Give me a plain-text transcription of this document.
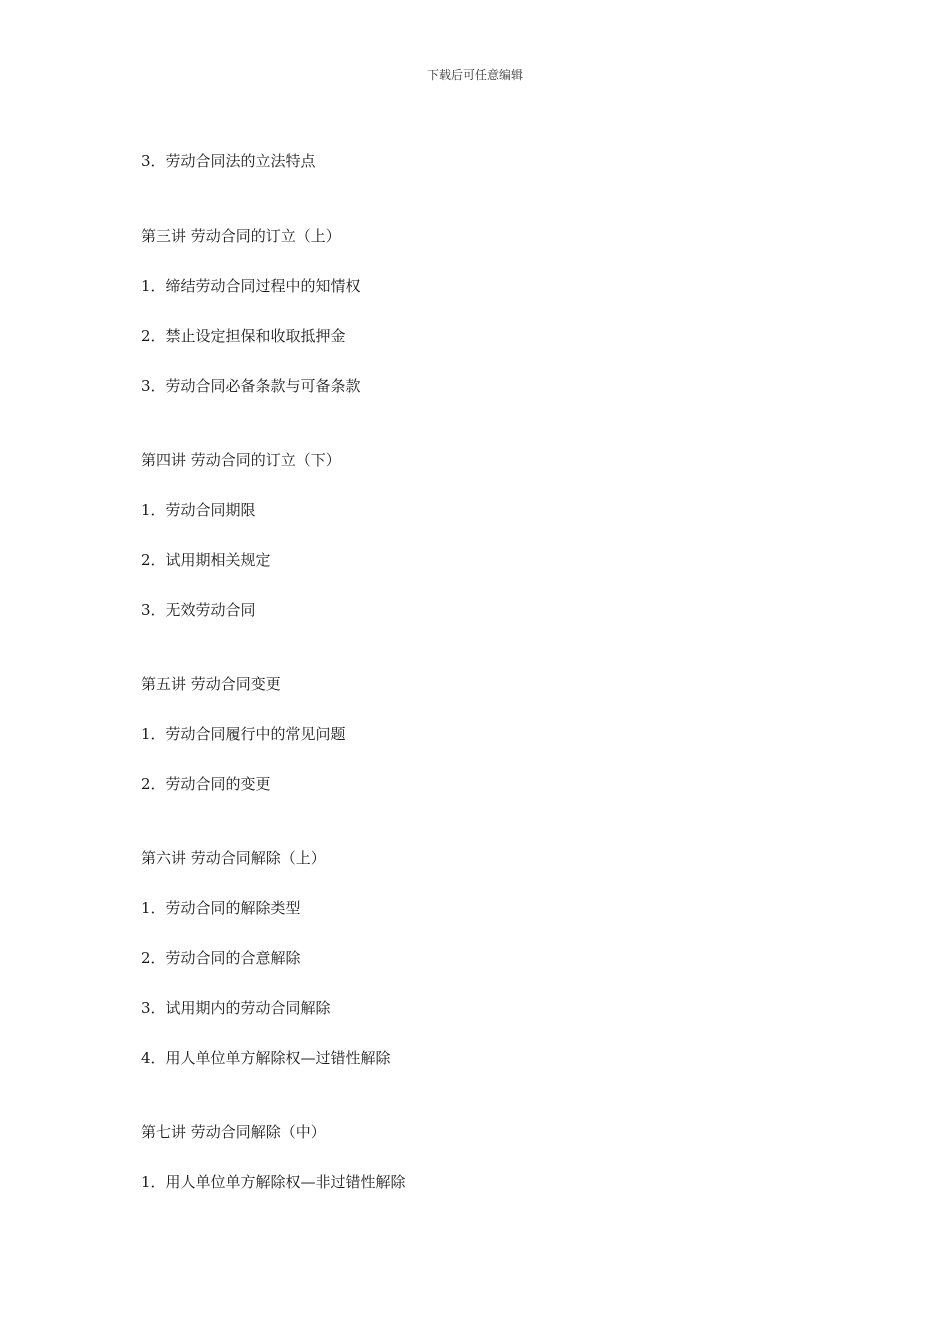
下载后可任意编辑
3．劳动合同法的立法特点
第三讲 劳动合同的订立（上）
1．缔结劳动合同过程中的知情权
2．禁止设定担保和收取抵押金
3．劳动合同必备条款与可备条款
第四讲 劳动合同的订立（下）
1．劳动合同期限
2．试用期相关规定
3．无效劳动合同
第五讲 劳动合同变更
1．劳动合同履行中的常见问题
2．劳动合同的变更
第六讲 劳动合同解除（上）
1．劳动合同的解除类型
2．劳动合同的合意解除
3．试用期内的劳动合同解除
4．用人单位单方解除权—过错性解除
第七讲 劳动合同解除（中）
1．用人单位单方解除权—非过错性解除
